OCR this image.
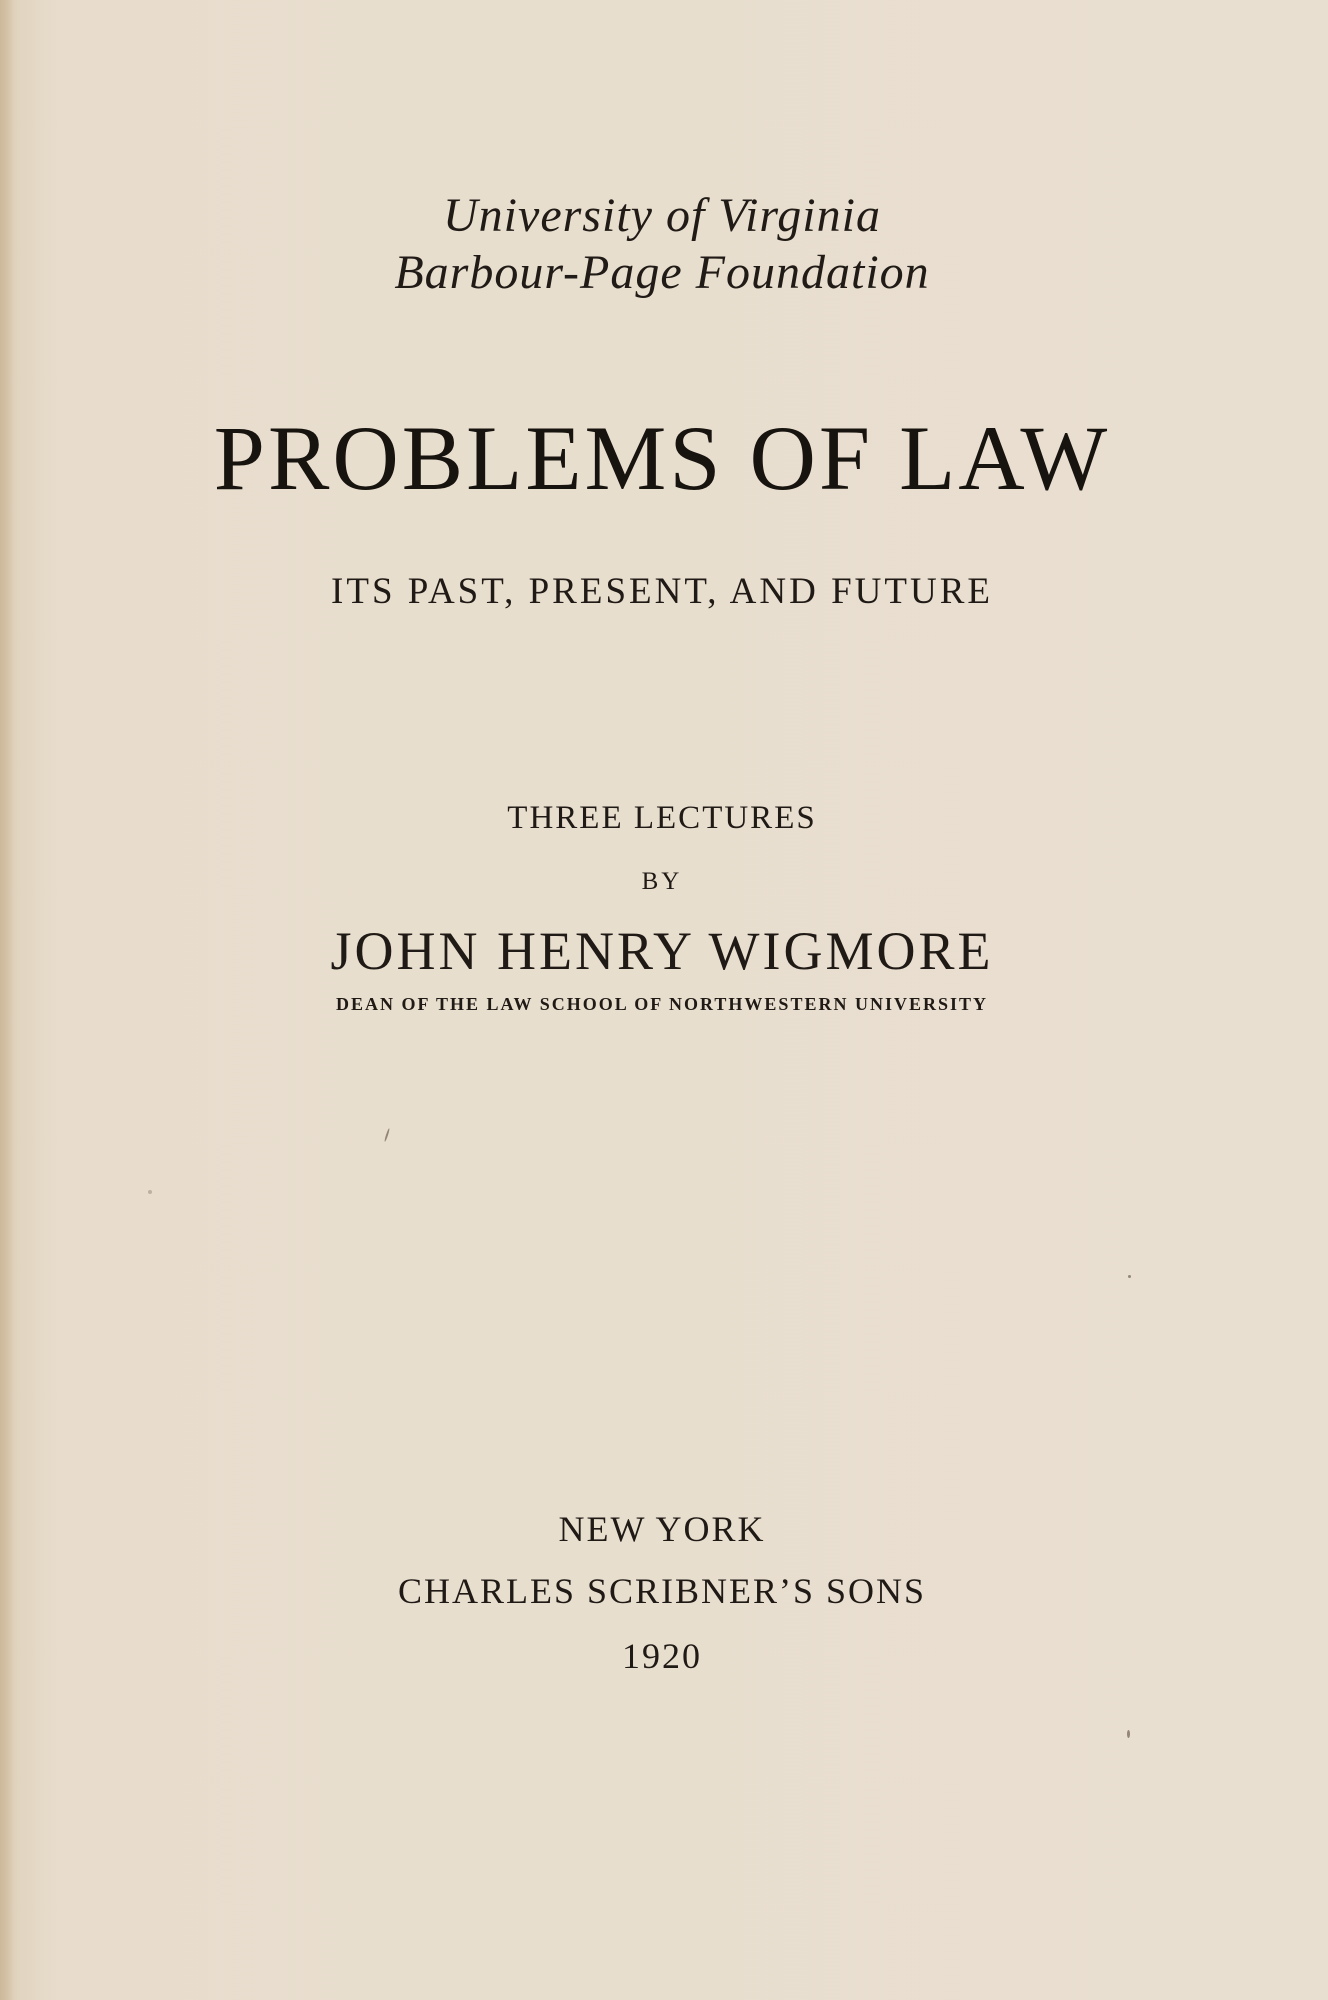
University of Virginia
Barbour-Page Foundation
PROBLEMS OF LAW
ITS PAST, PRESENT, AND FUTURE
THREE LECTURES
BY
JOHN HENRY WIGMORE
DEAN OF THE LAW SCHOOL OF NORTHWESTERN UNIVERSITY
NEW YORK
CHARLES SCRIBNER’S SONS
1920
